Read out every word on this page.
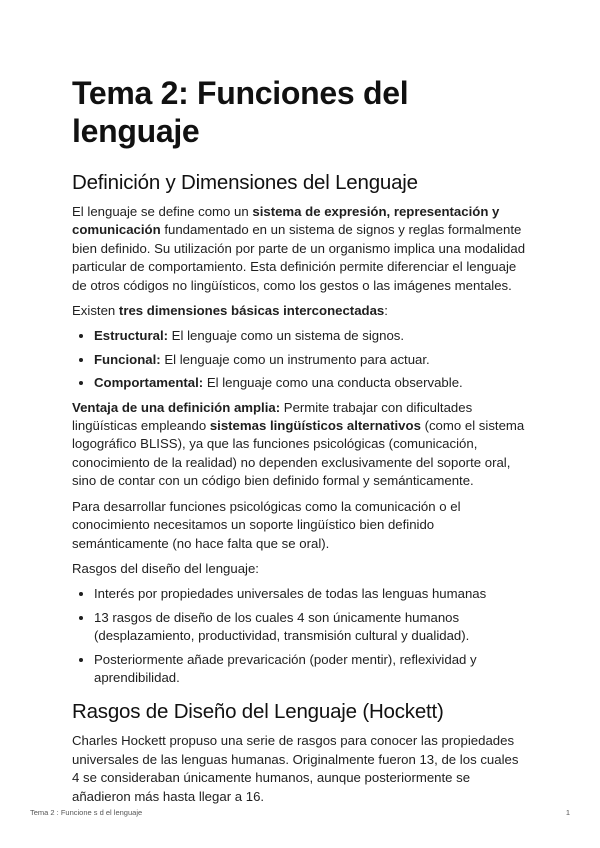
Tema 2: Funciones del lenguaje
Definición y Dimensiones del Lenguaje

El lenguaje se define como un sistema de expresión, representación y comunicación fundamentado en un sistema de signos y reglas formalmente bien definido. Su utilización por parte de un organismo implica una modalidad particular de comportamiento. Esta definición permite diferenciar el lenguaje de otros códigos no lingüísticos, como los gestos o las imágenes mentales.

Existen tres dimensiones básicas interconectadas:

• Estructural: El lenguaje como un sistema de signos.
• Funcional: El lenguaje como un instrumento para actuar.
• Comportamental: El lenguaje como una conducta observable.

Ventaja de una definición amplia: Permite trabajar con dificultades lingüísticas empleando sistemas lingüísticos alternativos (como el sistema logográfico BLISS), ya que las funciones psicológicas (comunicación, conocimiento de la realidad) no dependen exclusivamente del soporte oral, sino de contar con un código bien definido formal y semánticamente.

Para desarrollar funciones psicológicas como la comunicación o el conocimiento necesitamos un soporte lingüístico bien definido semánticamente (no hace falta que se oral).

Rasgos del diseño del lenguaje:

• Interés por propiedades universales de todas las lenguas humanas
• 13 rasgos de diseño de los cuales 4 son únicamente humanos (desplazamiento, productividad, transmisión cultural y dualidad).
• Posteriormente añade prevaricación (poder mentir), reflexividad y aprendibilidad.
Rasgos de Diseño del Lenguaje (Hockett)

Charles Hockett propuso una serie de rasgos para conocer las propiedades universales de las lenguas humanas. Originalmente fueron 13, de los cuales 4 se consideraban únicamente humanos, aunque posteriormente se añadieron más hasta llegar a 16.

Tema 2 : Funcione s d el lenguaje	1
